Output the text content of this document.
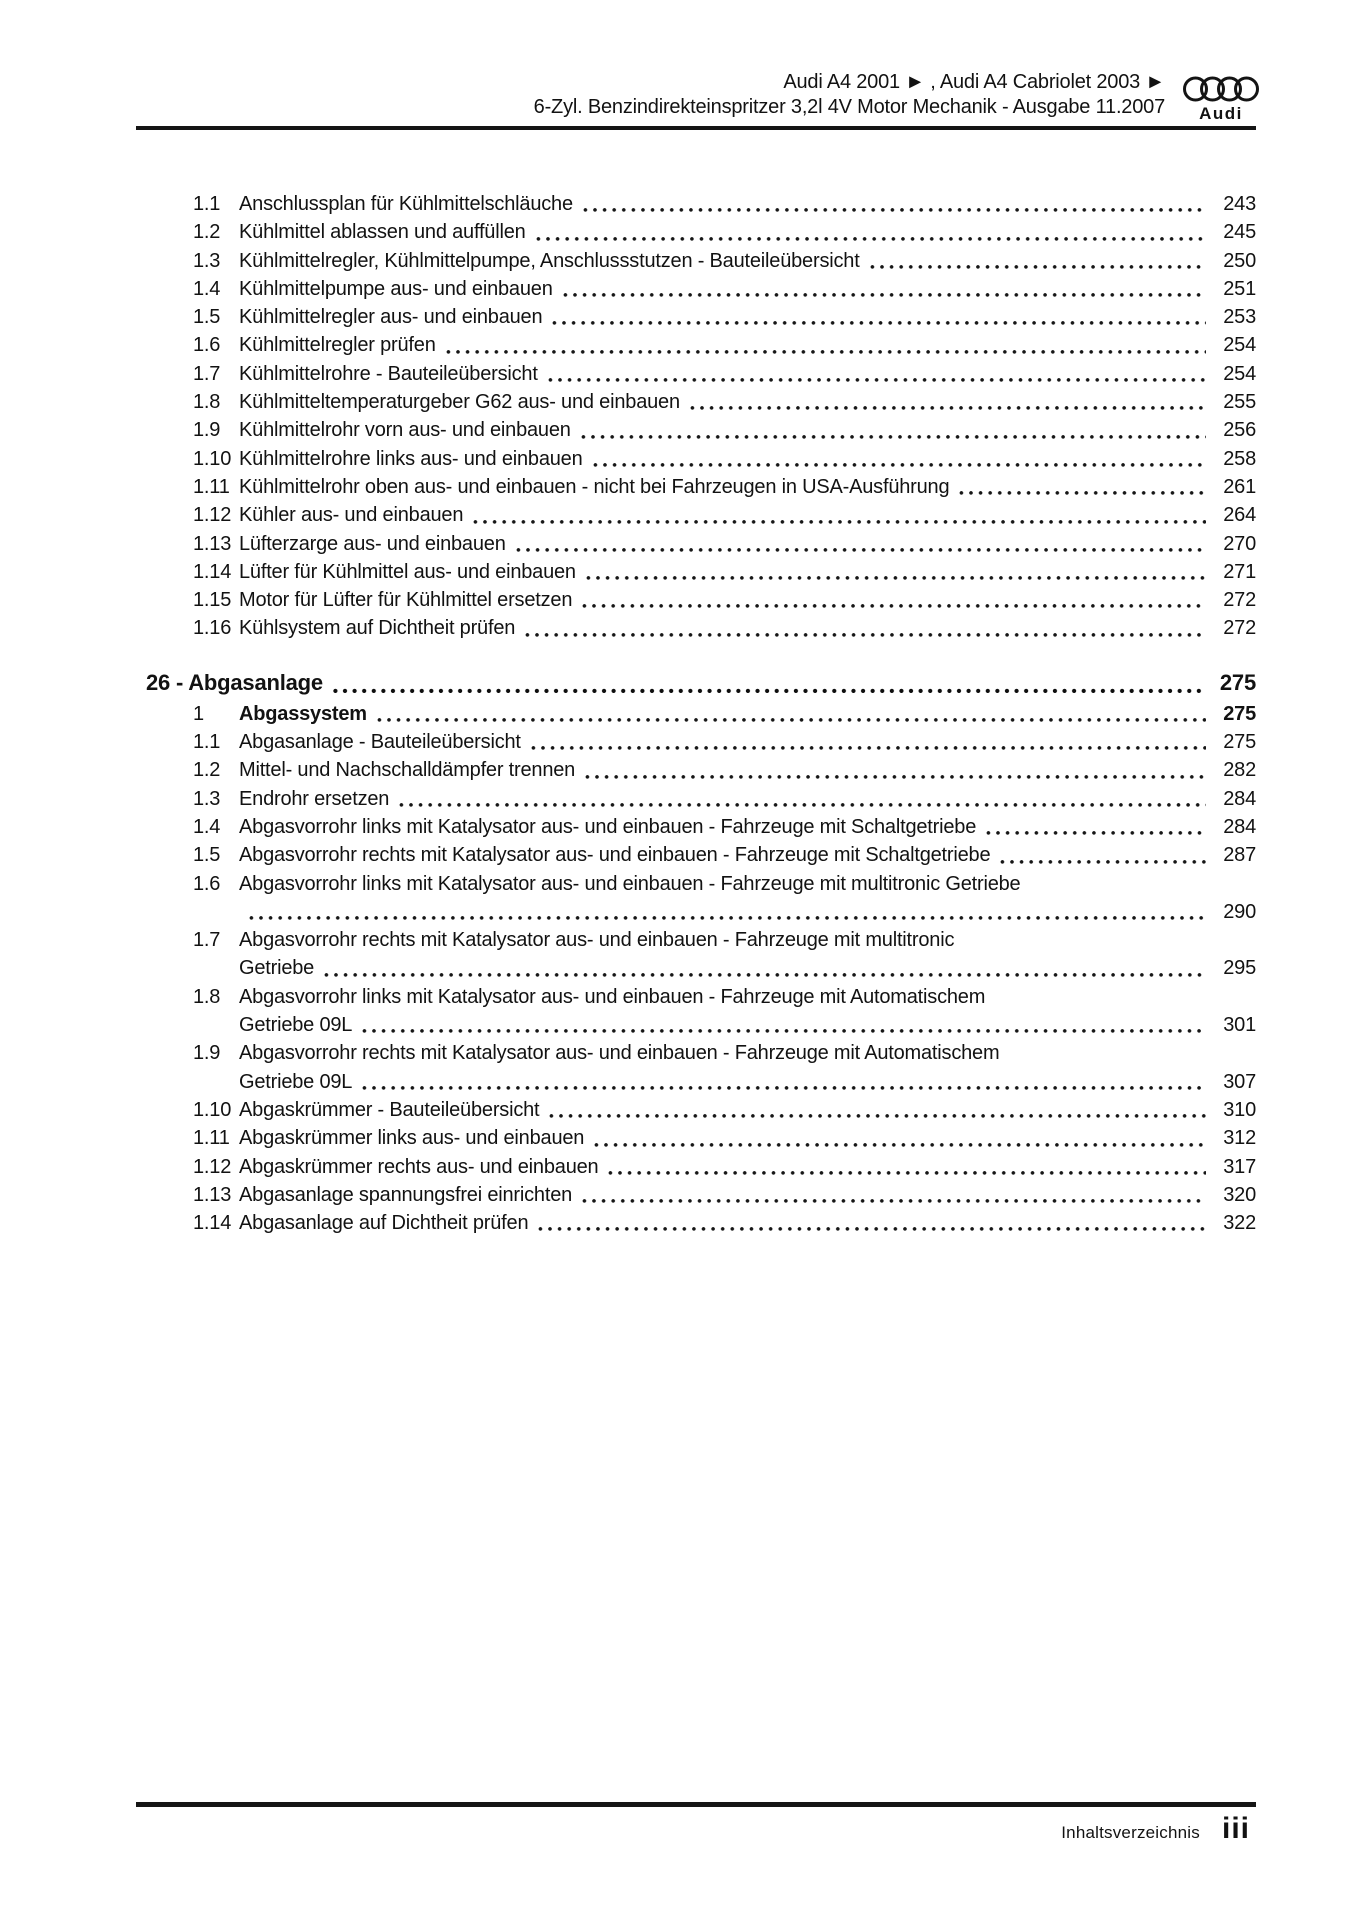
Audi A4 2001 ► , Audi A4 Cabriolet 2003 ►
6-Zyl. Benzindirekteinspritzer 3,2l 4V Motor Mechanik - Ausgabe 11.2007	Audi
1.1 Anschlussplan für Kühlmittelschläuche	243
1.2 Kühlmittel ablassen und auffüllen	245
1.3 Kühlmittelregler, Kühlmittelpumpe, Anschlussstutzen - Bauteileübersicht	250
1.4 Kühlmittelpumpe aus- und einbauen	251
1.5 Kühlmittelregler aus- und einbauen	253
1.6 Kühlmittelregler prüfen	254
1.7 Kühlmittelrohre - Bauteileübersicht	254
1.8 Kühlmitteltemperaturgeber G62 aus- und einbauen	255
1.9 Kühlmittelrohr vorn aus- und einbauen	256
1.10 Kühlmittelrohre links aus- und einbauen	258
1.11 Kühlmittelrohr oben aus- und einbauen - nicht bei Fahrzeugen in USA-Ausführung	261
1.12 Kühler aus- und einbauen	264
1.13 Lüfterzarge aus- und einbauen	270
1.14 Lüfter für Kühlmittel aus- und einbauen	271
1.15 Motor für Lüfter für Kühlmittel ersetzen	272
1.16 Kühlsystem auf Dichtheit prüfen	272
26 - Abgasanlage	275
1	Abgassystem	275
1.1 Abgasanlage - Bauteileübersicht	275
1.2 Mittel- und Nachschalldämpfer trennen	282
1.3 Endrohr ersetzen	284
1.4 Abgasvorrohr links mit Katalysator aus- und einbauen - Fahrzeuge mit Schaltgetriebe	284
1.5 Abgasvorrohr rechts mit Katalysator aus- und einbauen - Fahrzeuge mit Schaltgetriebe	287
1.6 Abgasvorrohr links mit Katalysator aus- und einbauen - Fahrzeuge mit multitronic Getriebe
290
1.7 Abgasvorrohr rechts mit Katalysator aus- und einbauen - Fahrzeuge mit multitronic
Getriebe	295
1.8 Abgasvorrohr links mit Katalysator aus- und einbauen - Fahrzeuge mit Automatischem
Getriebe 09L	301
1.9 Abgasvorrohr rechts mit Katalysator aus- und einbauen - Fahrzeuge mit Automatischem
Getriebe 09L	307
1.10 Abgaskrümmer - Bauteileübersicht	310
1.11 Abgaskrümmer links aus- und einbauen	312
1.12 Abgaskrümmer rechts aus- und einbauen	317
1.13 Abgasanlage spannungsfrei einrichten	320
1.14 Abgasanlage auf Dichtheit prüfen	322
Inhaltsverzeichnis iii
